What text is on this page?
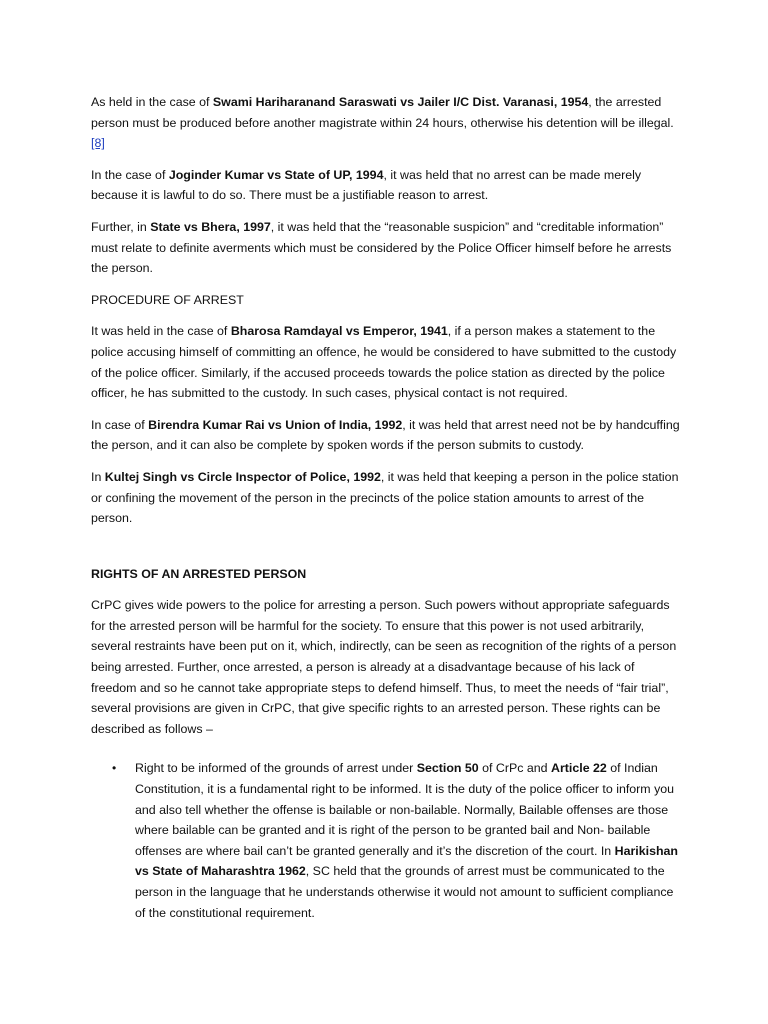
As held in the case of Swami Hariharanand Saraswati vs Jailer I/C Dist. Varanasi, 1954, the arrested person must be produced before another magistrate within 24 hours, otherwise his detention will be illegal.[8]

In the case of Joginder Kumar vs State of UP, 1994, it was held that no arrest can be made merely because it is lawful to do so. There must be a justifiable reason to arrest.

Further, in State vs Bhera, 1997, it was held that the “reasonable suspicion” and “creditable information” must relate to definite averments which must be considered by the Police Officer himself before he arrests the person.

PROCEDURE OF ARREST

It was held in the case of Bharosa Ramdayal vs Emperor, 1941, if a person makes a statement to the police accusing himself of committing an offence, he would be considered to have submitted to the custody of the police officer. Similarly, if the accused proceeds towards the police station as directed by the police officer, he has submitted to the custody. In such cases, physical contact is not required.

In case of Birendra Kumar Rai vs Union of India, 1992, it was held that arrest need not be by handcuffing the person, and it can also be complete by spoken words if the person submits to custody.

In Kultej Singh vs Circle Inspector of Police, 1992, it was held that keeping a person in the police station or confining the movement of the person in the precincts of the police station amounts to arrest of the person.

RIGHTS OF AN ARRESTED PERSON

CrPC gives wide powers to the police for arresting a person. Such powers without appropriate safeguards for the arrested person will be harmful for the society. To ensure that this power is not used arbitrarily, several restraints have been put on it, which, indirectly, can be seen as recognition of the rights of a person being arrested. Further, once arrested, a person is already at a disadvantage because of his lack of freedom and so he cannot take appropriate steps to defend himself. Thus, to meet the needs of “fair trial”, several provisions are given in CrPC, that give specific rights to an arrested person. These rights can be described as follows –

• Right to be informed of the grounds of arrest under Section 50 of CrPc and Article 22 of Indian Constitution, it is a fundamental right to be informed. It is the duty of the police officer to inform you and also tell whether the offense is bailable or non-bailable. Normally, Bailable offenses are those where bailable can be granted and it is right of the person to be granted bail and Non- bailable offenses are where bail can’t be granted generally and it’s the discretion of the court. In Harikishan vs State of Maharashtra 1962, SC held that the grounds of arrest must be communicated to the person in the language that he understands otherwise it would not amount to sufficient compliance of the constitutional requirement.
